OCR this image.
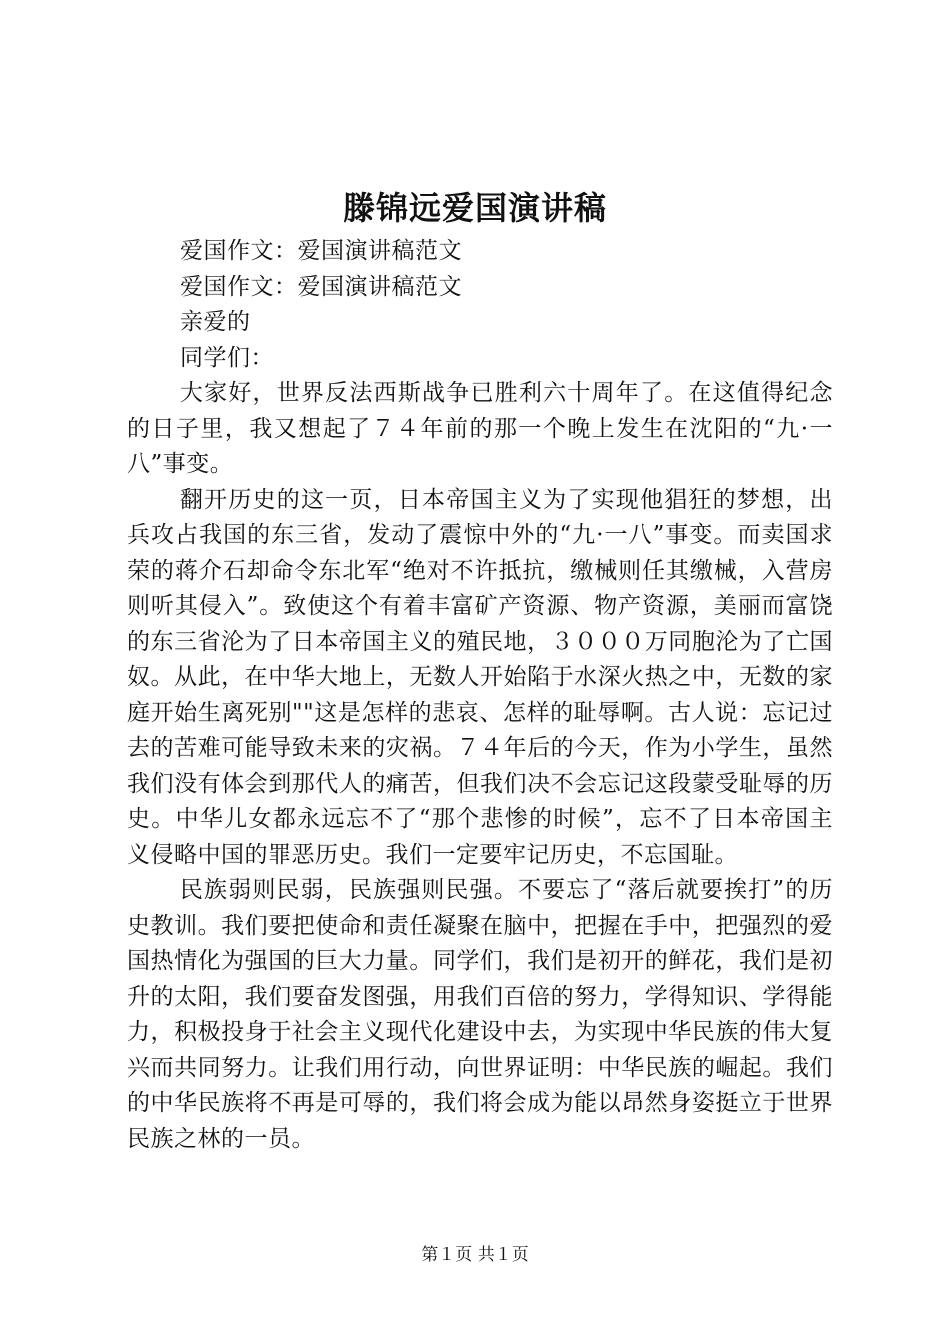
滕锦远爱国演讲稿

爱国作文：爱国演讲稿范文

爱国作文：爱国演讲稿范文

亲爱的

同学们：

大家好，世界反法西斯战争已胜利六十周年了。在这值得纪念的日子里，我又想起了７４年前的那一个晚上发生在沈阳的“九·一八”事变。

翻开历史的这一页，日本帝国主义为了实现他猖狂的梦想，出兵攻占我国的东三省，发动了震惊中外的“九·一八”事变。而卖国求荣的蒋介石却命令东北军“绝对不许抵抗，缴械则任其缴械，入营房则听其侵入”。致使这个有着丰富矿产资源、物产资源，美丽而富饶的东三省沦为了日本帝国主义的殖民地，３０００万同胞沦为了亡国奴。从此，在中华大地上，无数人开始陷于水深火热之中，无数的家庭开始生离死别""这是怎样的悲哀、怎样的耻辱啊。古人说：忘记过去的苦难可能导致未来的灾祸。７４年后的今天，作为小学生，虽然我们没有体会到那代人的痛苦，但我们决不会忘记这段蒙受耻辱的历史。中华儿女都永远忘不了“那个悲惨的时候”，忘不了日本帝国主义侵略中国的罪恶历史。我们一定要牢记历史，不忘国耻。

民族弱则民弱，民族强则民强。不要忘了“落后就要挨打”的历史教训。我们要把使命和责任凝聚在脑中，把握在手中，把强烈的爱国热情化为强国的巨大力量。同学们，我们是初开的鲜花，我们是初升的太阳，我们要奋发图强，用我们百倍的努力，学得知识、学得能力，积极投身于社会主义现代化建设中去，为实现中华民族的伟大复兴而共同努力。让我们用行动，向世界证明：中华民族的崛起。我们的中华民族将不再是可辱的，我们将会成为能以昂然身姿挺立于世界民族之林的一员。

第１页 共１页
